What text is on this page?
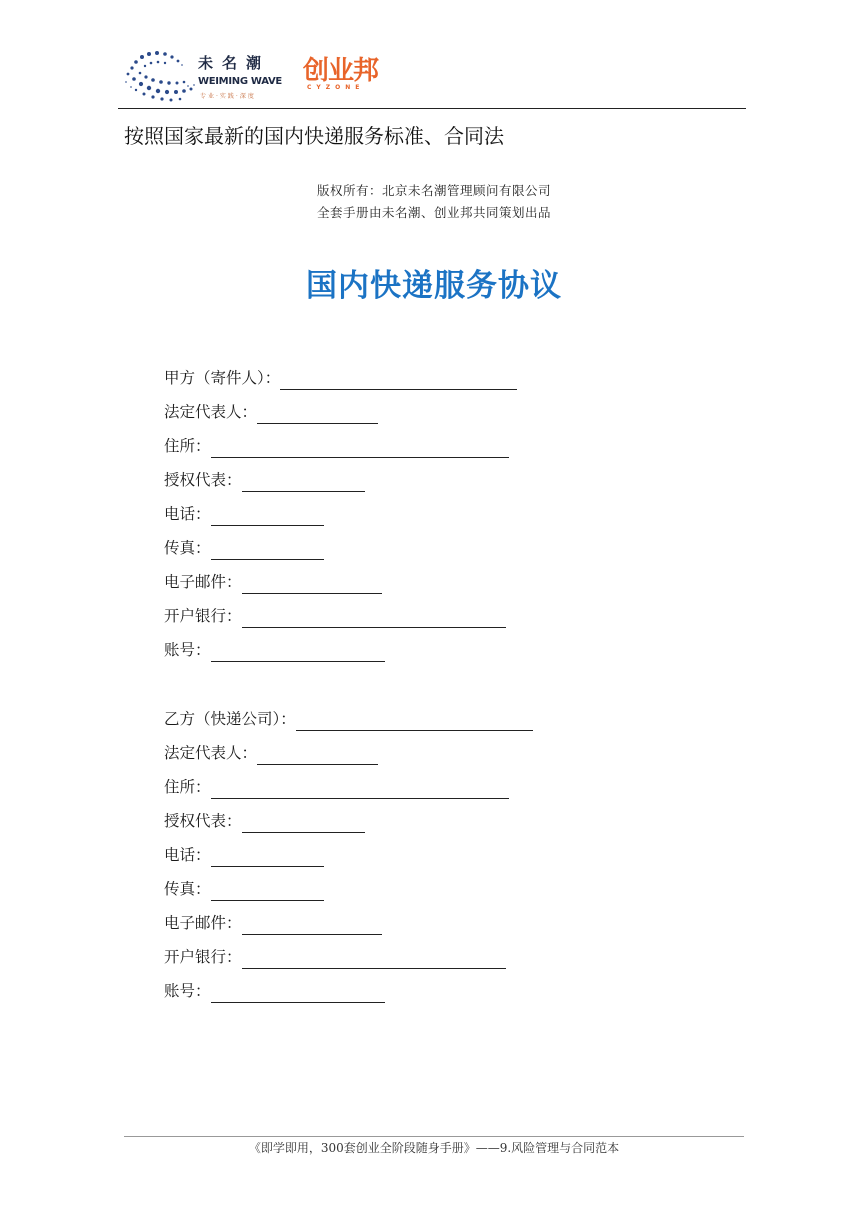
未名潮
WEIMING WAVE
专业·实践·深度
创业邦
CYZONE
按照国家最新的国内快递服务标准、合同法
版权所有：北京未名潮管理顾问有限公司
全套手册由未名潮、创业邦共同策划出品
国内快递服务协议
甲方（寄件人）：
法定代表人：
住所：
授权代表：
电话：
传真：
电子邮件：
开户银行：
账号：
乙方（快递公司）：
法定代表人：
住所：
授权代表：
电话：
传真：
电子邮件：
开户银行：
账号：
《即学即用，300套创业全阶段随身手册》——9.风险管理与合同范本
